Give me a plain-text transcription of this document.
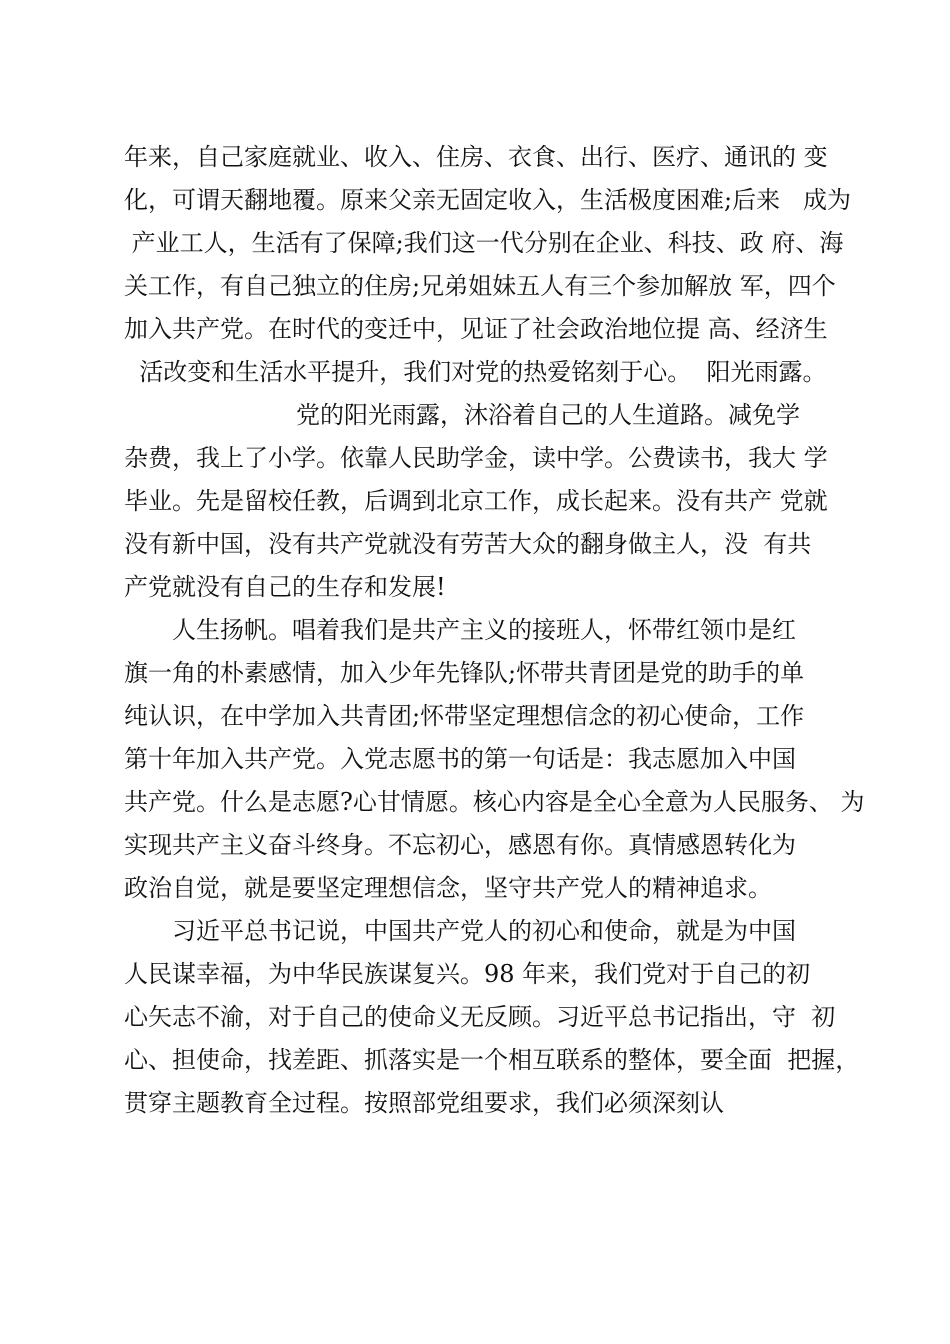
年来，自己家庭就业、收入、住房、衣食、出行、医疗、通讯的 变
化，可谓天翻地覆。原来父亲无固定收入，生活极度困难;后来   成为
产业工人，生活有了保障;我们这一代分别在企业、科技、政 府、海
关工作，有自己独立的住房;兄弟姐妹五人有三个参加解放 军，四个
加入共产党。在时代的变迁中，见证了社会政治地位提 高、经济生
活改变和生活水平提升，我们对党的热爱铭刻于心。  阳光雨露。
党的阳光雨露，沐浴着自己的人生道路。减免学
杂费，我上了小学。依靠人民助学金，读中学。公费读书，我大 学
毕业。先是留校任教，后调到北京工作，成长起来。没有共产 党就
没有新中国，没有共产党就没有劳苦大众的翻身做主人，没  有共
产党就没有自己的生存和发展!
人生扬帆。唱着我们是共产主义的接班人，怀带红领巾是红
旗一角的朴素感情，加入少年先锋队;怀带共青团是党的助手的单
纯认识，在中学加入共青团;怀带坚定理想信念的初心使命，工作
第十年加入共产党。入党志愿书的第一句话是：我志愿加入中国
共产党。什么是志愿?心甘情愿。核心内容是全心全意为人民服务、 为
实现共产主义奋斗终身。不忘初心，感恩有你。真情感恩转化为
政治自觉，就是要坚定理想信念，坚守共产党人的精神追求。
习近平总书记说，中国共产党人的初心和使命，就是为中国
人民谋幸福，为中华民族谋复兴。98 年来，我们党对于自己的初
心矢志不渝，对于自己的使命义无反顾。习近平总书记指出，守  初
心、担使命，找差距、抓落实是一个相互联系的整体，要全面  把握，
贯穿主题教育全过程。按照部党组要求，我们必须深刻认
